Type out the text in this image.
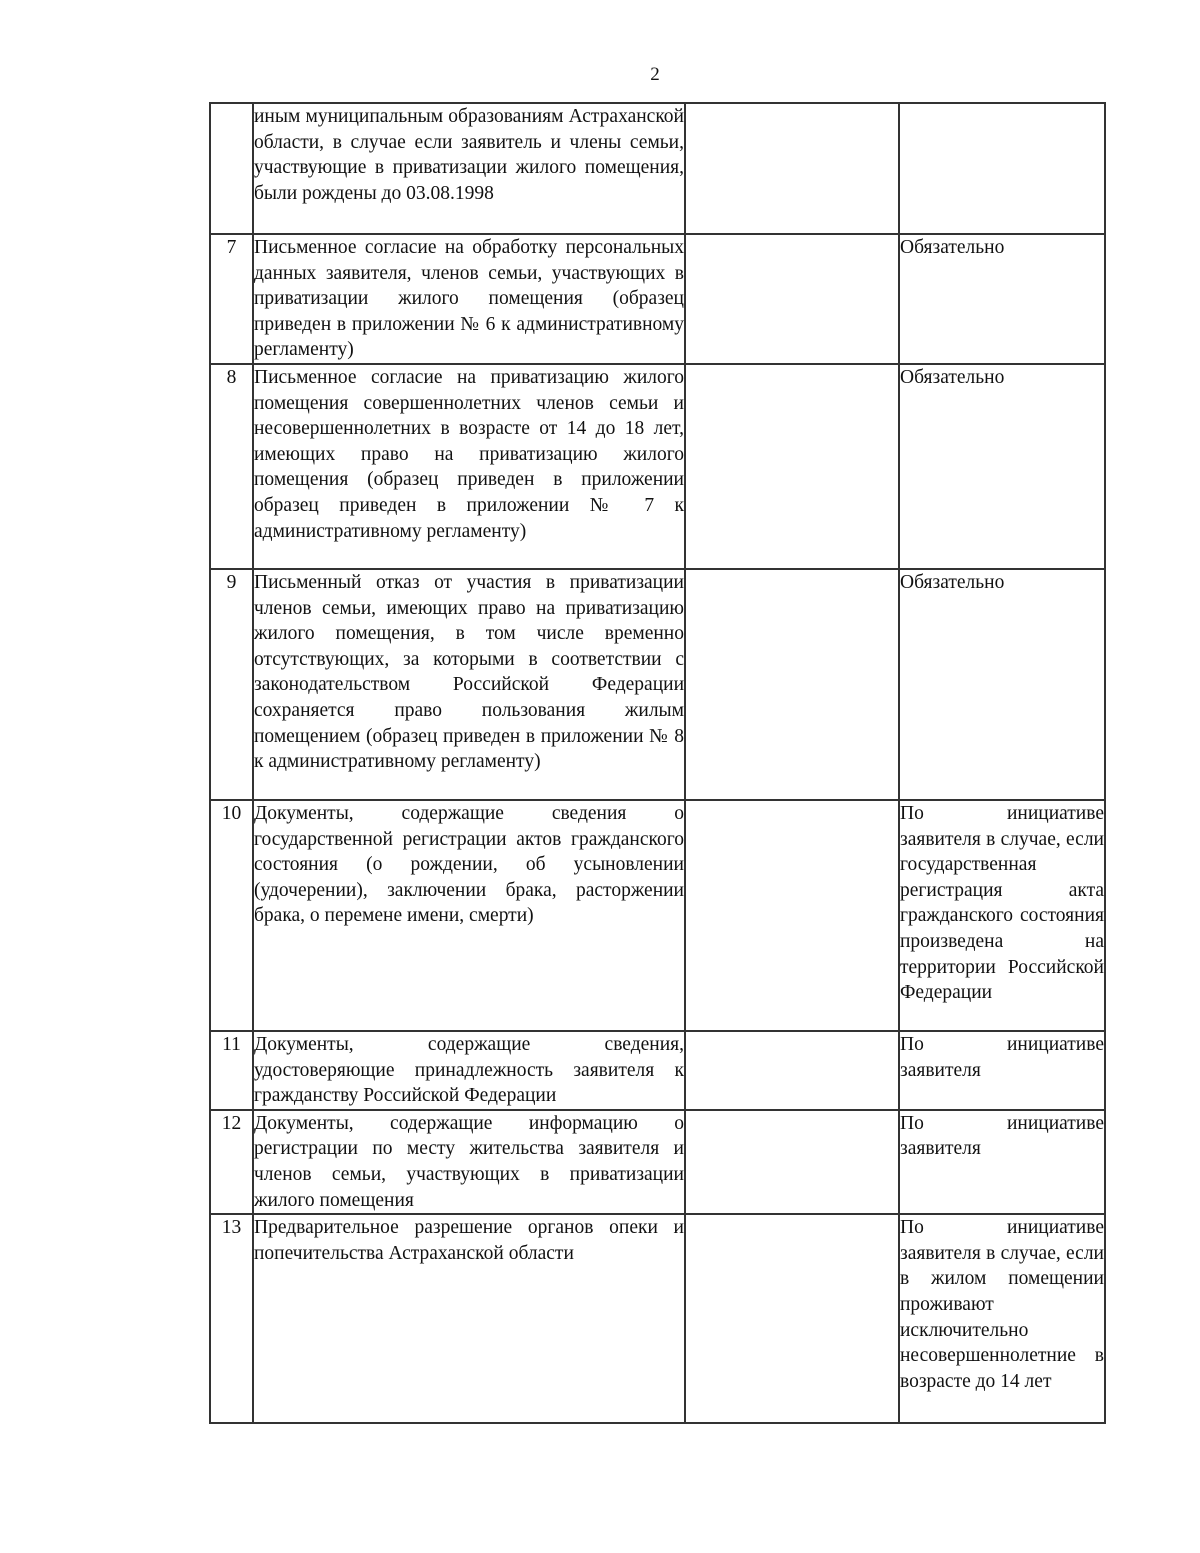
2
	иным муниципальным образованиям Астраханской области, в случае если заявитель и члены семьи, участвующие в приватизации жилого помещения, были рождены до 03.08.1998		
7	Письменное согласие на обработку персональных данных заявителя, членов семьи, участвующих в приватизации жилого помещения (образец приведен в приложении № 6 к административному регламенту)		Обязательно
8	Письменное согласие на приватизацию жилого помещения совершеннолетних членов семьи и несовершеннолетних в возрасте от 14 до 18 лет, имеющих право на приватизацию жилого помещения (образец приведен в приложении образец приведен в приложении № 7 к административному регламенту)		Обязательно
9	Письменный отказ от участия в приватизации членов семьи, имеющих право на приватизацию жилого помещения, в том числе временно отсутствующих, за которыми в соответствии с законодательством Российской Федерации сохраняется право пользования жилым помещением (образец приведен в приложении № 8 к административному регламенту)		Обязательно
10	Документы, содержащие сведения о государственной регистрации актов гражданского состояния (о рождении, об усыновлении (удочерении), заключении брака, расторжении брака, о перемене имени, смерти)		По инициативе заявителя в случае, если государственная регистрация акта гражданского состояния произведена на территории Российской Федерации
11	Документы, содержащие сведения, удостоверяющие принадлежность заявителя к гражданству Российской Федерации		По инициативе заявителя
12	Документы, содержащие информацию о регистрации по месту жительства заявителя и членов семьи, участвующих в приватизации жилого помещения		По инициативе заявителя
13	Предварительное разрешение органов опеки и попечительства Астраханской области		По инициативе заявителя в случае, если в жилом помещении проживают исключительно несовершеннолетние в возрасте до 14 лет
